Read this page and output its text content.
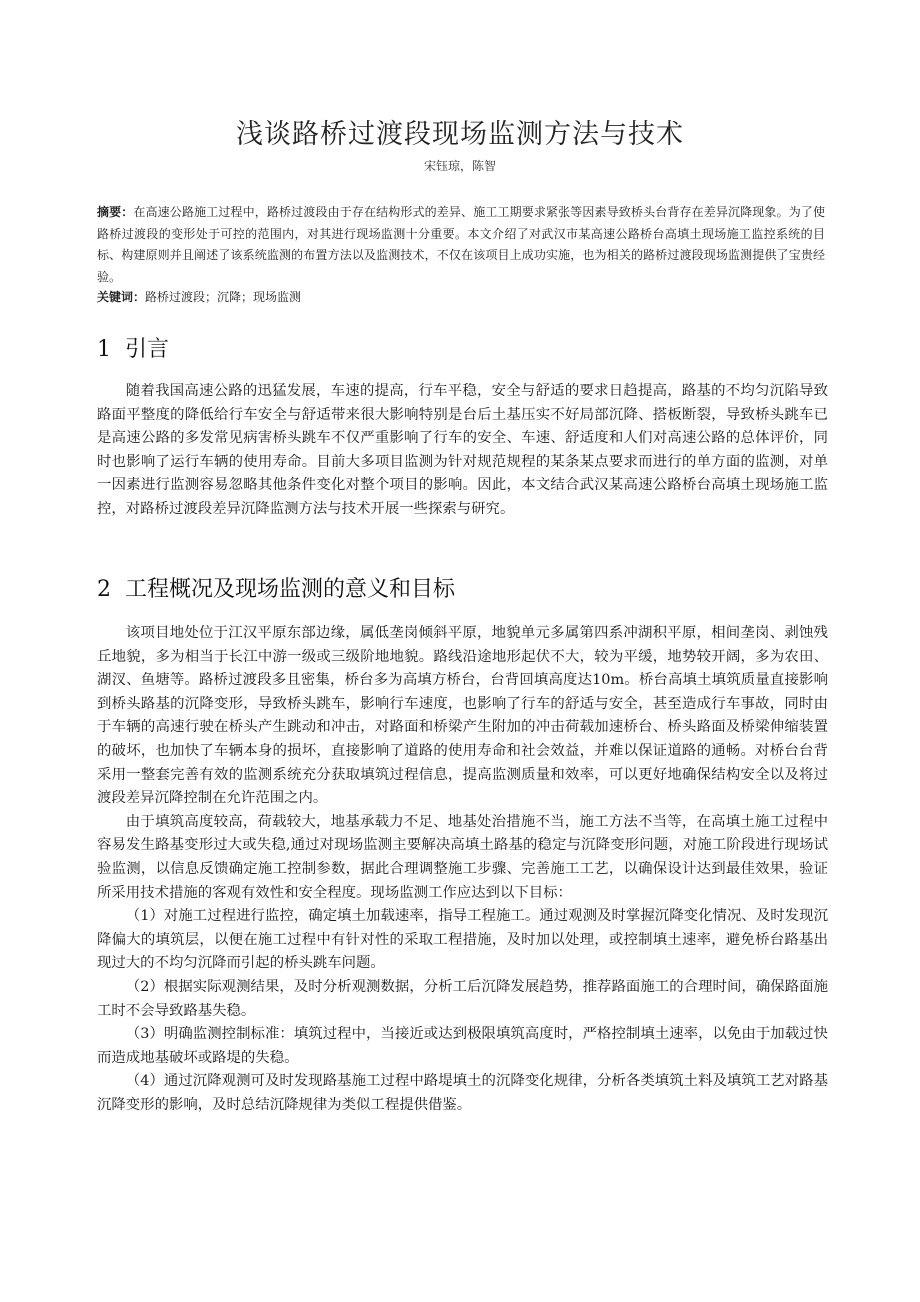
浅谈路桥过渡段现场监测方法与技术
宋钰琼，陈智
摘要：在高速公路施工过程中，路桥过渡段由于存在结构形式的差异、施工工期要求紧张等因素导致桥头台背存在差异沉降现象。为了使路桥过渡段的变形处于可控的范围内，对其进行现场监测十分重要。本文介绍了对武汉市某高速公路桥台高填土现场施工监控系统的目标、构建原则并且阐述了该系统监测的布置方法以及监测技术，不仅在该项目上成功实施，也为相关的路桥过渡段现场监测提供了宝贵经验。
关键词：路桥过渡段；沉降；现场监测
1 引言

随着我国高速公路的迅猛发展，车速的提高，行车平稳，安全与舒适的要求日趋提高，路基的不均匀沉陷导致路面平整度的降低给行车安全与舒适带来很大影响特别是台后土基压实不好局部沉降、搭板断裂，导致桥头跳车已是高速公路的多发常见病害桥头跳车不仅严重影响了行车的安全、车速、舒适度和人们对高速公路的总体评价，同时也影响了运行车辆的使用寿命。目前大多项目监测为针对规范规程的某条某点要求而进行的单方面的监测，对单一因素进行监测容易忽略其他条件变化对整个项目的影响。因此，本文结合武汉某高速公路桥台高填土现场施工监控，对路桥过渡段差异沉降监测方法与技术开展一些探索与研究。

2 工程概况及现场监测的意义和目标

该项目地处位于江汉平原东部边缘，属低垄岗倾斜平原，地貌单元多属第四系冲湖积平原，相间垄岗、剥蚀残丘地貌，多为相当于长江中游一级或三级阶地地貌。路线沿途地形起伏不大，较为平缓，地势较开阔，多为农田、湖汊、鱼塘等。路桥过渡段多且密集，桥台多为高填方桥台，台背回填高度达10m。桥台高填土填筑质量直接影响到桥头路基的沉降变形，导致桥头跳车，影响行车速度，也影响了行车的舒适与安全，甚至造成行车事故，同时由于车辆的高速行驶在桥头产生跳动和冲击，对路面和桥梁产生附加的冲击荷载加速桥台、桥头路面及桥梁伸缩装置的破坏，也加快了车辆本身的损坏，直接影响了道路的使用寿命和社会效益，并难以保证道路的通畅。对桥台台背采用一整套完善有效的监测系统充分获取填筑过程信息，提高监测质量和效率，可以更好地确保结构安全以及将过渡段差异沉降控制在允许范围之内。

由于填筑高度较高，荷载较大，地基承载力不足、地基处治措施不当，施工方法不当等，在高填土施工过程中容易发生路基变形过大或失稳,通过对现场监测主要解决高填土路基的稳定与沉降变形问题，对施工阶段进行现场试验监测，以信息反馈确定施工控制参数，据此合理调整施工步骤、完善施工工艺，以确保设计达到最佳效果，验证所采用技术措施的客观有效性和安全程度。现场监测工作应达到以下目标：

（1）对施工过程进行监控，确定填土加载速率，指导工程施工。通过观测及时掌握沉降变化情况、及时发现沉降偏大的填筑层，以便在施工过程中有针对性的采取工程措施，及时加以处理，或控制填土速率，避免桥台路基出现过大的不均匀沉降而引起的桥头跳车问题。

（2）根据实际观测结果，及时分析观测数据，分析工后沉降发展趋势，推荐路面施工的合理时间，确保路面施工时不会导致路基失稳。

（3）明确监测控制标准：填筑过程中，当接近或达到极限填筑高度时，严格控制填土速率，以免由于加载过快而造成地基破坏或路堤的失稳。

（4）通过沉降观测可及时发现路基施工过程中路堤填土的沉降变化规律，分析各类填筑土料及填筑工艺对路基沉降变形的影响，及时总结沉降规律为类似工程提供借鉴。
